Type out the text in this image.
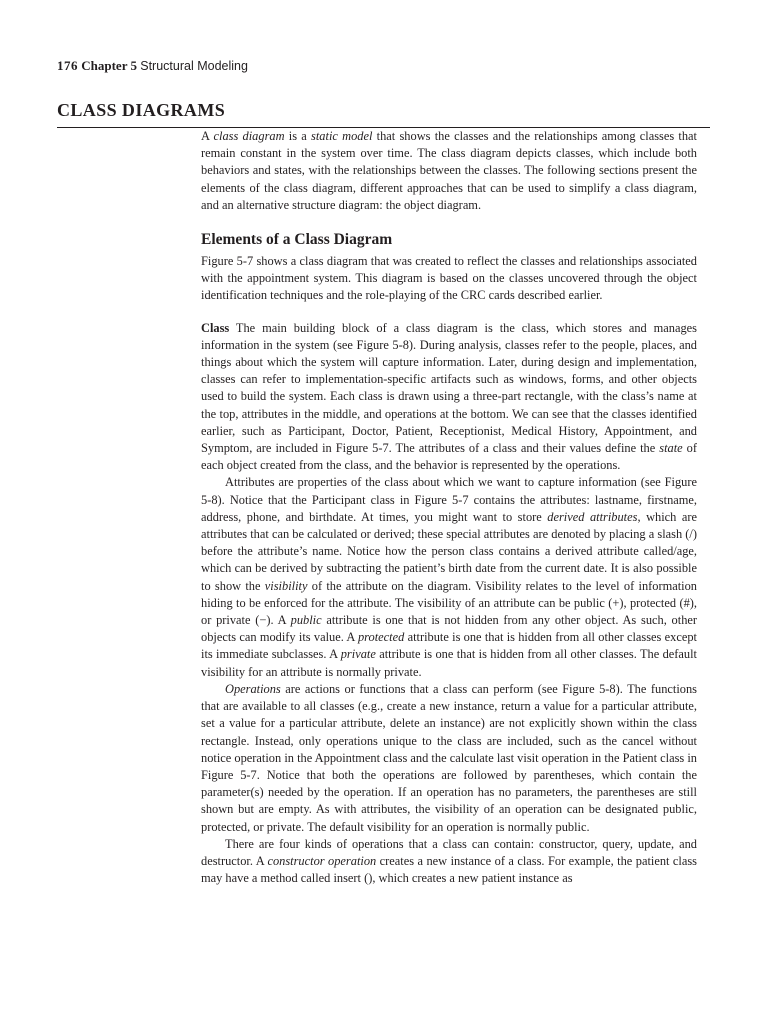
176 Chapter 5 Structural Modeling
CLASS DIAGRAMS

A class diagram is a static model that shows the classes and the relationships among classes that remain constant in the system over time. The class diagram depicts classes, which include both behaviors and states, with the relationships between the classes. The following sections present the elements of the class diagram, different approaches that can be used to simplify a class diagram, and an alternative structure diagram: the object diagram.

Elements of a Class Diagram

Figure 5-7 shows a class diagram that was created to reflect the classes and relationships associated with the appointment system. This diagram is based on the classes uncovered through the object identification techniques and the role-playing of the CRC cards described earlier.

Class The main building block of a class diagram is the class, which stores and manages information in the system (see Figure 5-8). During analysis, classes refer to the people, places, and things about which the system will capture information. Later, during design and implementation, classes can refer to implementation-specific artifacts such as windows, forms, and other objects used to build the system. Each class is drawn using a three-part rectangle, with the class’s name at the top, attributes in the middle, and operations at the bottom. We can see that the classes identified earlier, such as Participant, Doctor, Patient, Receptionist, Medical History, Appointment, and Symptom, are included in Figure 5-7. The attributes of a class and their values define the state of each object created from the class, and the behavior is represented by the operations.

Attributes are properties of the class about which we want to capture information (see Figure 5-8). Notice that the Participant class in Figure 5-7 contains the attributes: lastname, firstname, address, phone, and birthdate. At times, you might want to store derived attributes, which are attributes that can be calculated or derived; these special attributes are denoted by placing a slash (/) before the attribute’s name. Notice how the person class contains a derived attribute called/age, which can be derived by subtracting the patient’s birth date from the current date. It is also possible to show the visibility of the attribute on the diagram. Visibility relates to the level of information hiding to be enforced for the attribute. The visibility of an attribute can be public (+), protected (#), or private (−). A public attribute is one that is not hidden from any other object. As such, other objects can modify its value. A protected attribute is one that is hidden from all other classes except its immediate subclasses. A private attribute is one that is hidden from all other classes. The default visibility for an attribute is normally private.

Operations are actions or functions that a class can perform (see Figure 5-8). The functions that are available to all classes (e.g., create a new instance, return a value for a particular attribute, set a value for a particular attribute, delete an instance) are not explicitly shown within the class rectangle. Instead, only operations unique to the class are included, such as the cancel without notice operation in the Appointment class and the calculate last visit operation in the Patient class in Figure 5-7. Notice that both the operations are followed by parentheses, which contain the parameter(s) needed by the operation. If an operation has no parameters, the parentheses are still shown but are empty. As with attributes, the visibility of an operation can be designated public, protected, or private. The default visibility for an operation is normally public.

There are four kinds of operations that a class can contain: constructor, query, update, and destructor. A constructor operation creates a new instance of a class. For example, the patient class may have a method called insert (), which creates a new patient instance as
